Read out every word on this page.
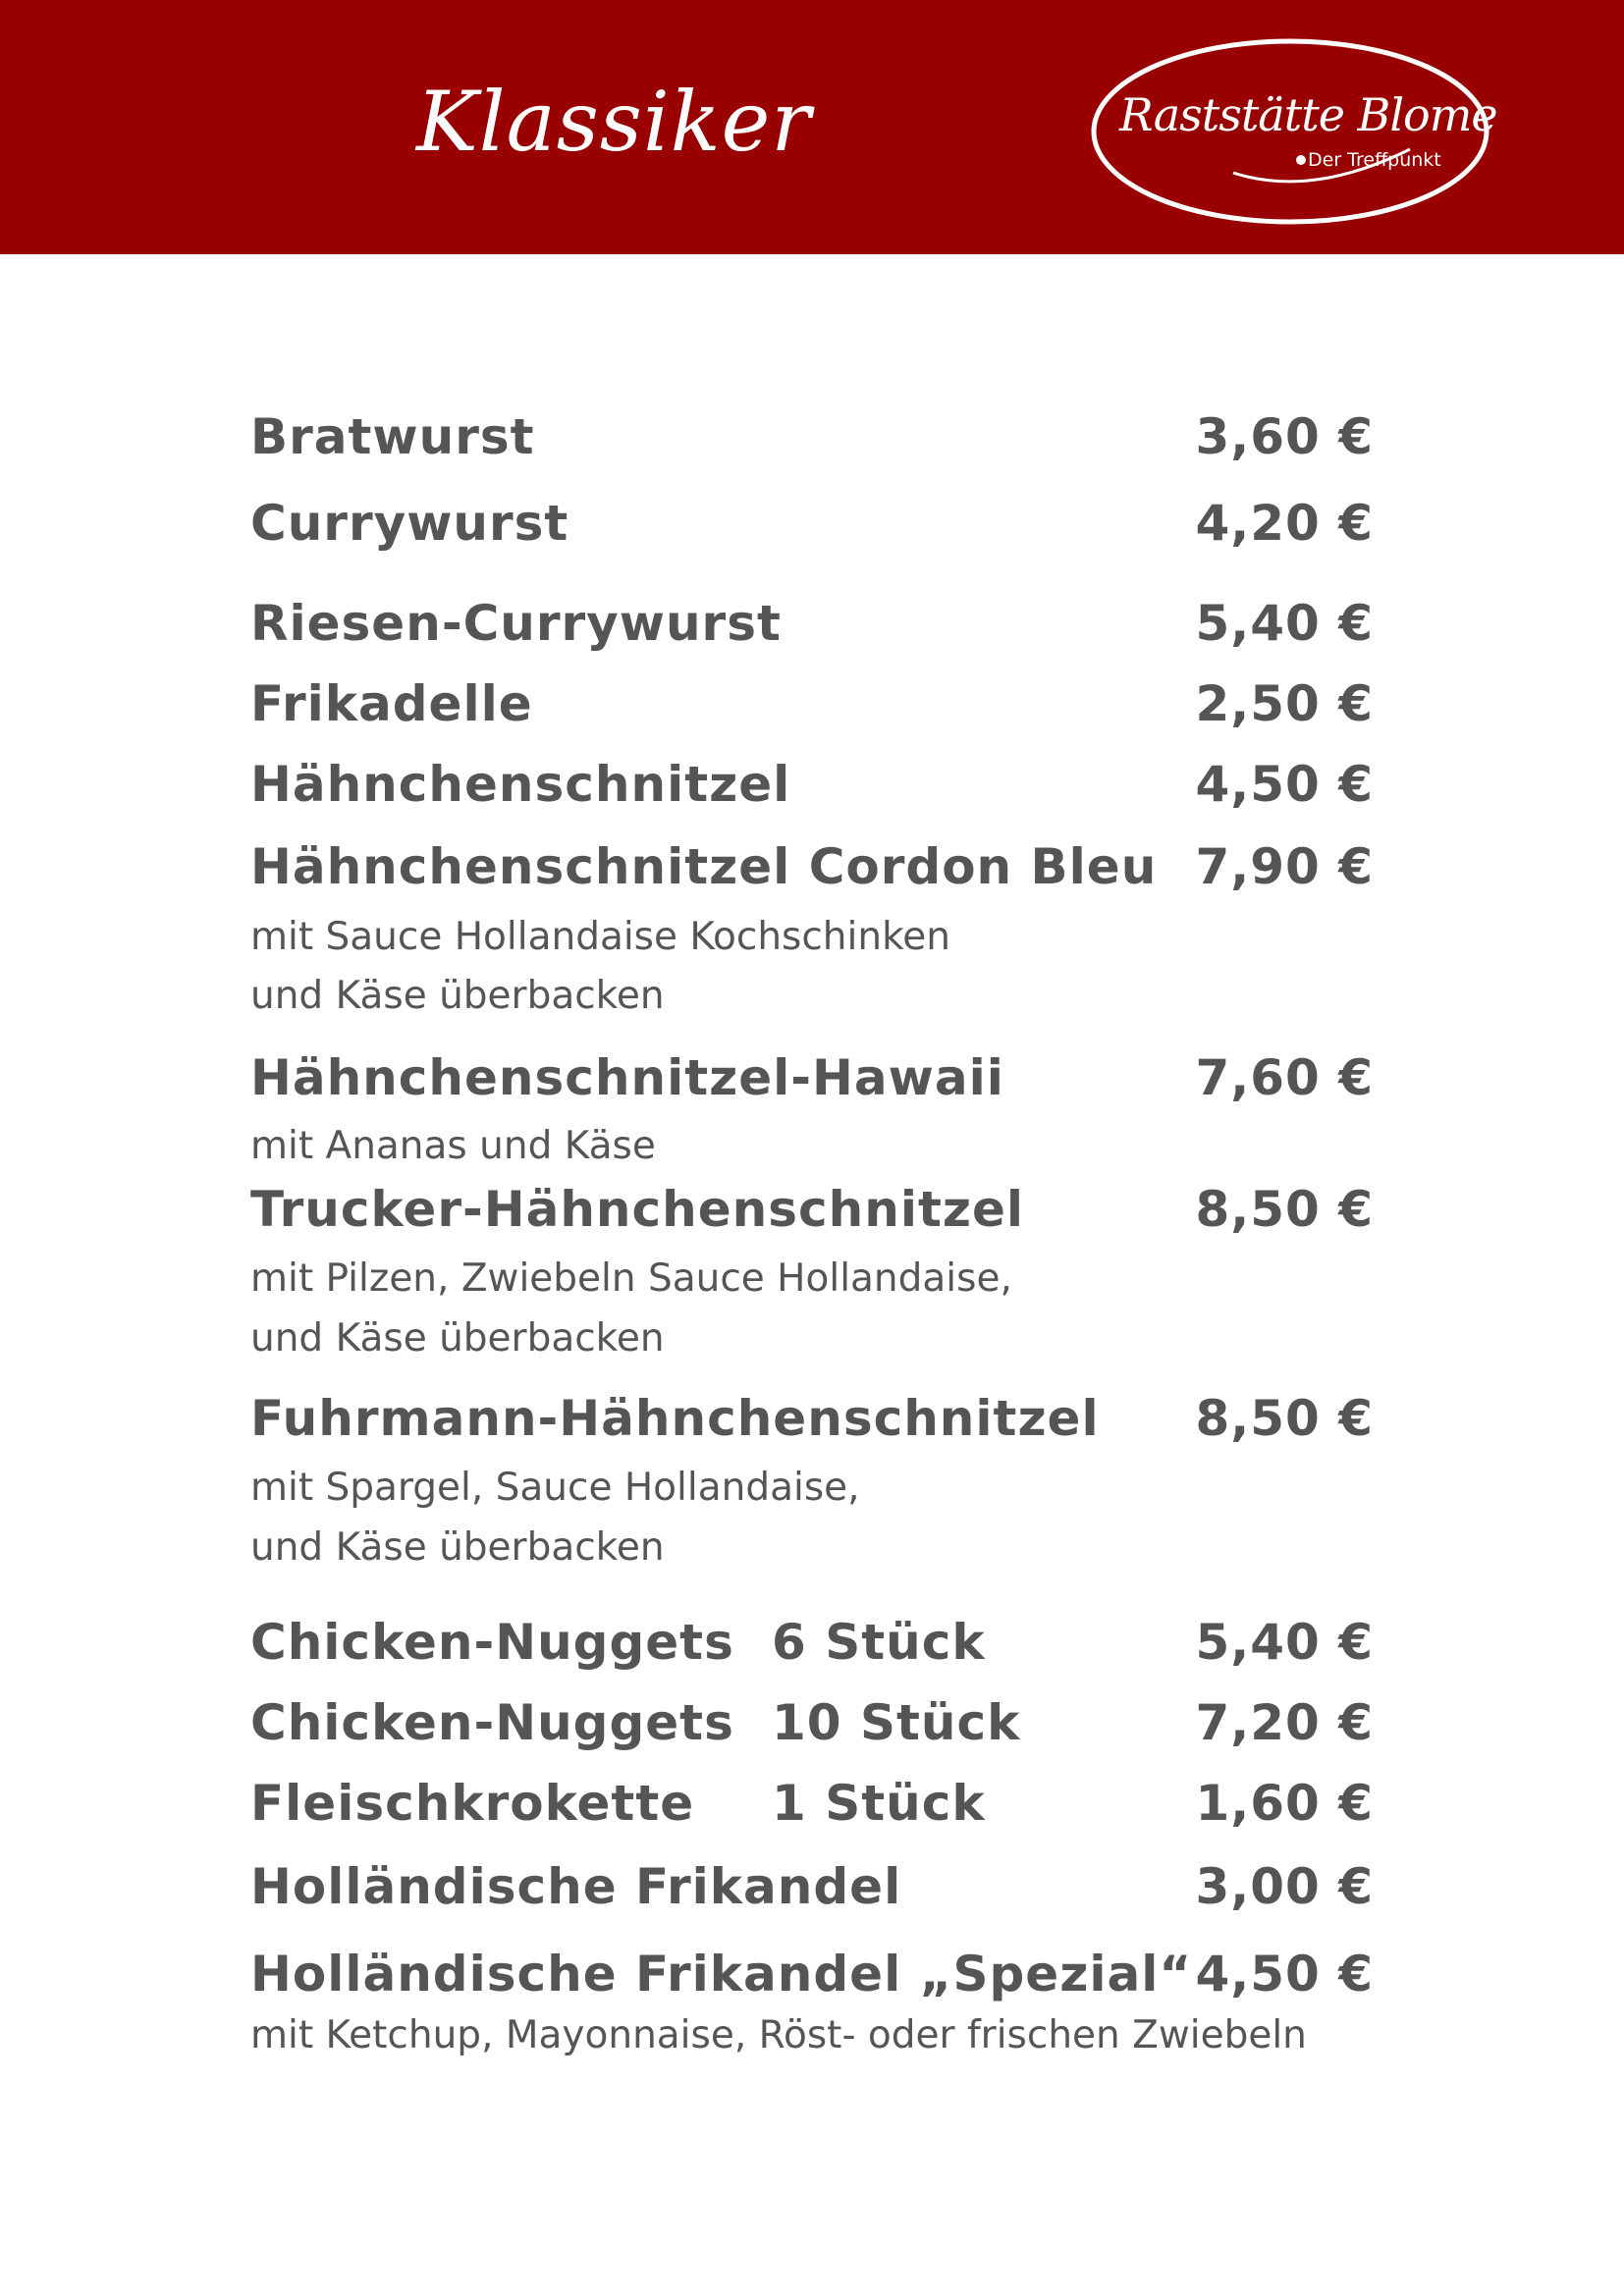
Klassiker	Raststätte Blome
Der Treffpunkt
Bratwurst	3,60 €
Currywurst	4,20 €
Riesen-Currywurst	5,40 €
Frikadelle	2,50 €
Hähnchenschnitzel	4,50 €
Hähnchenschnitzel Cordon Bleu 7,90 €
mit Sauce Hollandaise Kochschinken
und Käse überbacken
Hähnchenschnitzel-Hawaii	7,60 €
mit Ananas und Käse
Trucker-Hähnchenschnitzel	8,50 €
mit Pilzen, Zwiebeln Sauce Hollandaise,
und Käse überbacken
Fuhrmann-Hähnchenschnitzel 8,50 €
mit Spargel, Sauce Hollandaise,
und Käse überbacken
Chicken-Nuggets 6 Stück	5,40 €
Chicken-Nuggets 10 Stück	7,20 €
Fleischkrokette 1 Stück	1,60 €
Holländische Frikandel	3,00 €
Holländische Frikandel „Spezial“ 4,50 €
mit Ketchup, Mayonnaise, Röst- oder frischen Zwiebeln
